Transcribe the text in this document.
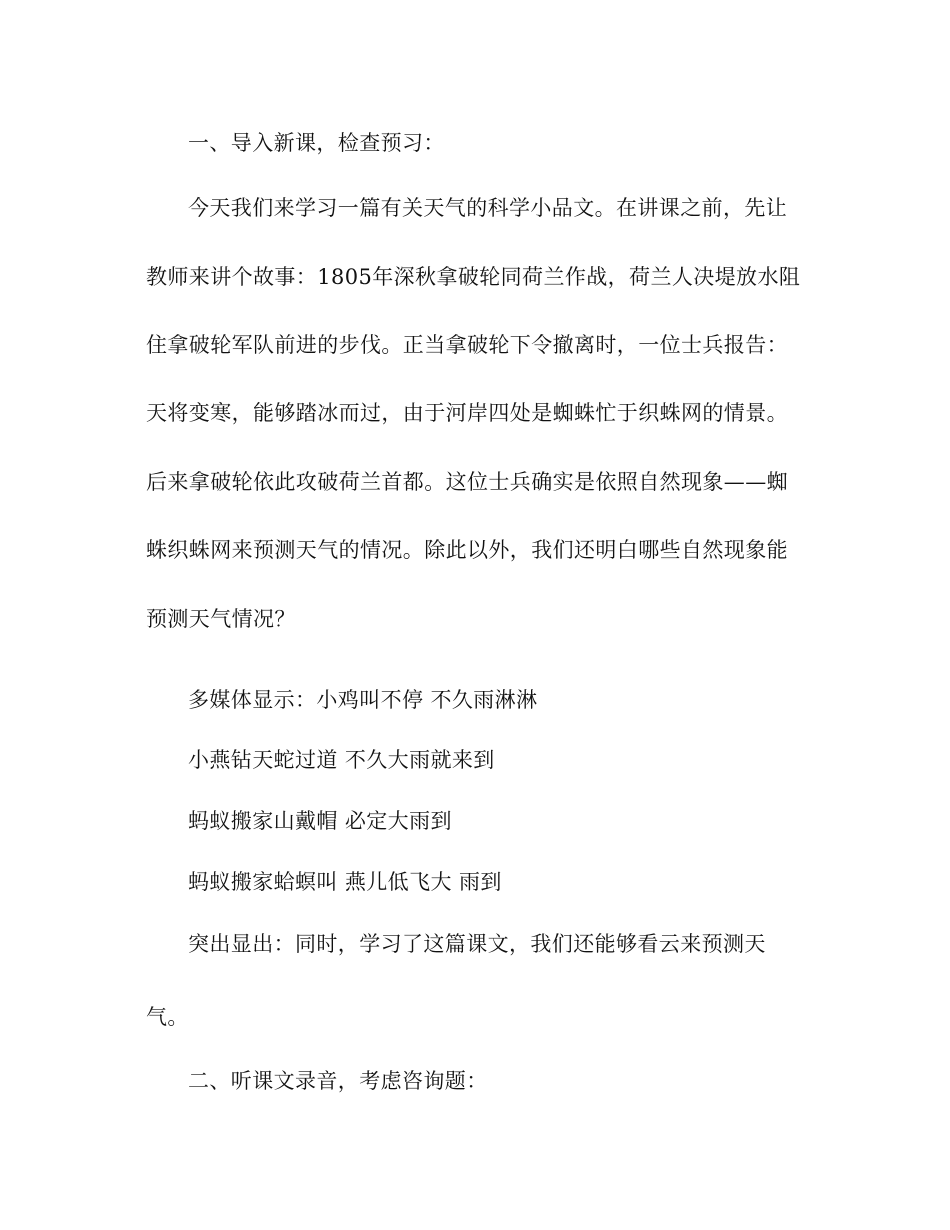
一、导入新课，检查预习：
今天我们来学习一篇有关天气的科学小品文。在讲课之前，先让
教师来讲个故事：1805年深秋拿破轮同荷兰作战，荷兰人决堤放水阻
住拿破轮军队前进的步伐。正当拿破轮下令撤离时，一位士兵报告：
天将变寒，能够踏冰而过，由于河岸四处是蜘蛛忙于织蛛网的情景。
后来拿破轮依此攻破荷兰首都。这位士兵确实是依照自然现象——蜘
蛛织蛛网来预测天气的情况。除此以外，我们还明白哪些自然现象能
预测天气情况？
多媒体显示：小鸡叫不停 不久雨淋淋
小燕钻天蛇过道 不久大雨就来到
蚂蚁搬家山戴帽 必定大雨到
蚂蚁搬家蛤螟叫 燕儿低飞大 雨到
突出显出：同时，学习了这篇课文，我们还能够看云来预测天
气。
二、听课文录音，考虑咨询题：
